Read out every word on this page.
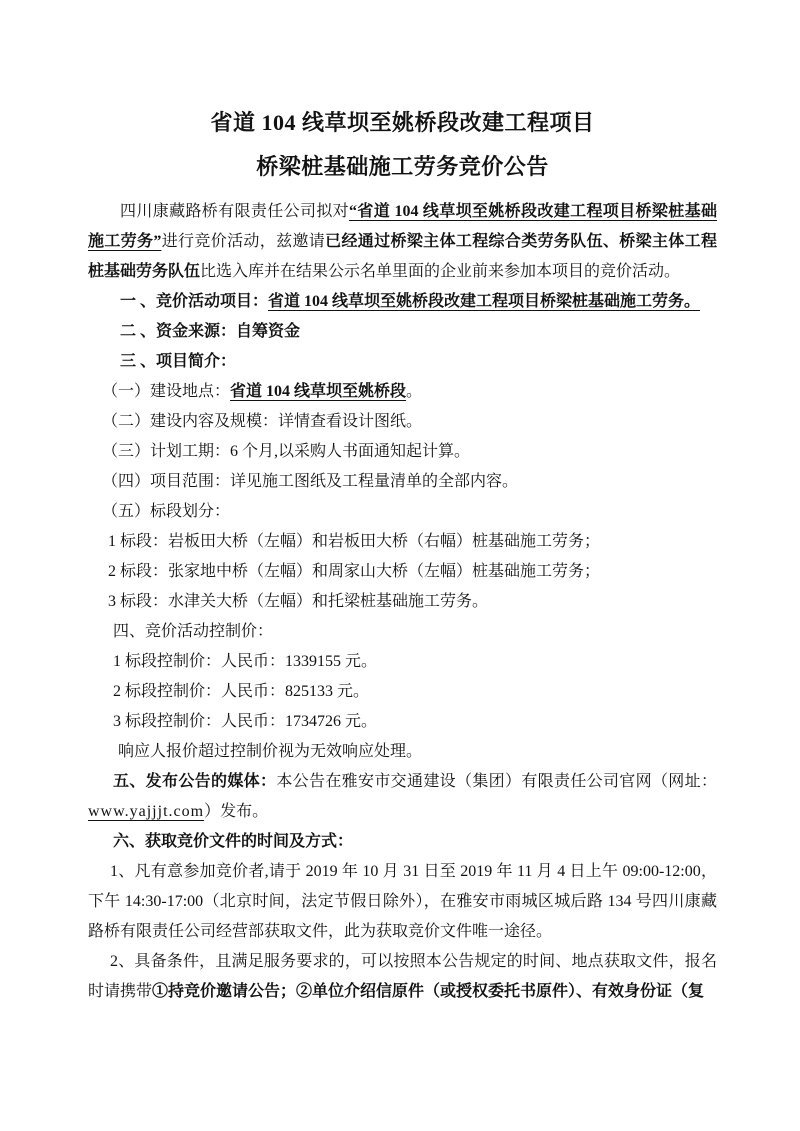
省道 104 线草坝至姚桥段改建工程项目
桥梁桩基础施工劳务竞价公告

四川康藏路桥有限责任公司拟对“省道 104 线草坝至姚桥段改建工程项目桥梁桩基础施工劳务”进行竞价活动，兹邀请已经通过桥梁主体工程综合类劳务队伍、桥梁主体工程桩基础劳务队伍比选入库并在结果公示名单里面的企业前来参加本项目的竞价活动。

一 、竞价活动项目：省道 104 线草坝至姚桥段改建工程项目桥梁桩基础施工劳务。

二 、资金来源：自筹资金

三 、项目简介：

（一）建设地点：省道 104 线草坝至姚桥段。

（二）建设内容及规模：详情查看设计图纸。

（三）计划工期：6 个月,以采购人书面通知起计算。

（四）项目范围：详见施工图纸及工程量清单的全部内容。

（五）标段划分：

1 标段：岩板田大桥（左幅）和岩板田大桥（右幅）桩基础施工劳务；

2 标段：张家地中桥（左幅）和周家山大桥（左幅）桩基础施工劳务；

3 标段：水津关大桥（左幅）和托梁桩基础施工劳务。

四、竞价活动控制价：

1 标段控制价：人民币：1339155 元。

2 标段控制价：人民币：825133 元。

3 标段控制价：人民币：1734726 元。

响应人报价超过控制价视为无效响应处理。

五、发布公告的媒体：本公告在雅安市交通建设（集团）有限责任公司官网（网址：www.yajjjt.com）发布。

六、获取竞价文件的时间及方式：

1、凡有意参加竞价者,请于 2019 年 10 月 31 日至 2019 年 11 月 4 日上午 09:00-12:00，下午 14:30-17:00（北京时间，法定节假日除外），在雅安市雨城区城后路 134 号四川康藏路桥有限责任公司经营部获取文件，此为获取竞价文件唯一途径。

2、具备条件，且满足服务要求的，可以按照本公告规定的时间、地点获取文件，报名时请携带①持竞价邀请公告；②单位介绍信原件（或授权委托书原件）、有效身份证（复
